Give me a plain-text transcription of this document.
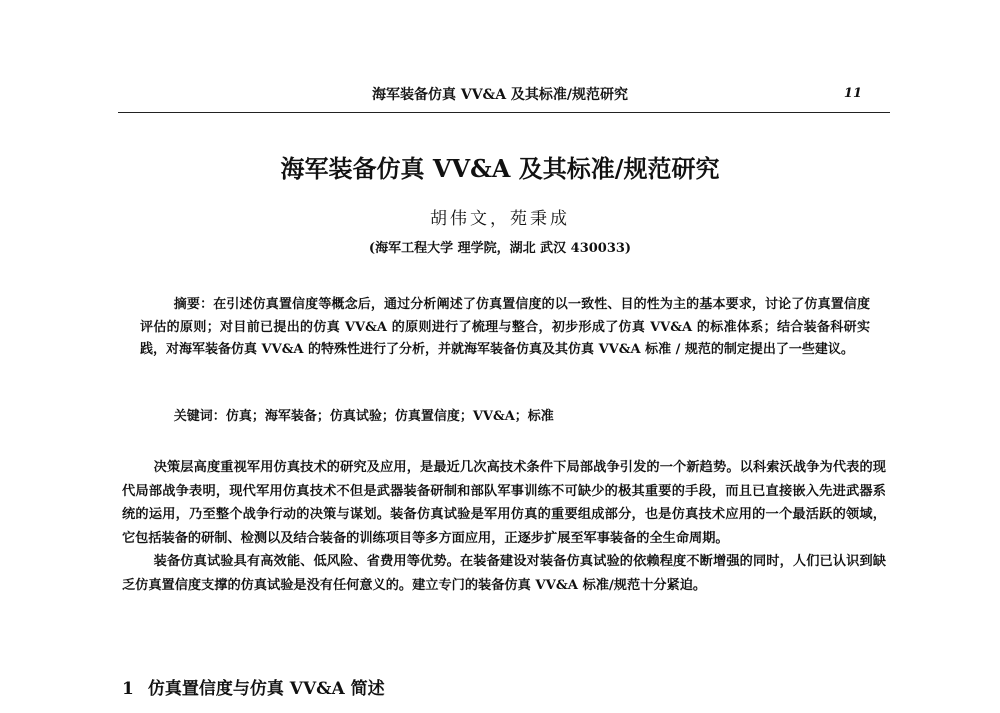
海军装备仿真 VV&A 及其标准/规范研究	11
海军装备仿真 VV&A 及其标准/规范研究
胡伟文，苑秉成
(海军工程大学 理学院，湖北 武汉 430033)

摘要：在引述仿真置信度等概念后，通过分析阐述了仿真置信度的以一致性、目的性为主的基本要求，讨论了仿真置信度评估的原则；对目前已提出的仿真 VV&A 的原则进行了梳理与整合，初步形成了仿真 VV&A 的标准体系；结合装备科研实践，对海军装备仿真 VV&A 的特殊性进行了分析，并就海军装备仿真及其仿真 VV&A 标准 / 规范的制定提出了一些建议。

关键词：仿真；海军装备；仿真试验；仿真置信度；VV&A；标准

决策层高度重视军用仿真技术的研究及应用，是最近几次高技术条件下局部战争引发的一个新趋势。以科索沃战争为代表的现代局部战争表明，现代军用仿真技术不但是武器装备研制和部队军事训练不可缺少的极其重要的手段，而且已直接嵌入先进武器系统的运用，乃至整个战争行动的决策与谋划。装备仿真试验是军用仿真的重要组成部分，也是仿真技术应用的一个最活跃的领域，它包括装备的研制、检测以及结合装备的训练项目等多方面应用，正逐步扩展至军事装备的全生命周期。

装备仿真试验具有高效能、低风险、省费用等优势。在装备建设对装备仿真试验的依赖程度不断增强的同时，人们已认识到缺乏仿真置信度支撑的仿真试验是没有任何意义的。建立专门的装备仿真 VV&A 标准/规范十分紧迫。

1 仿真置信度与仿真 VV&A 简述
